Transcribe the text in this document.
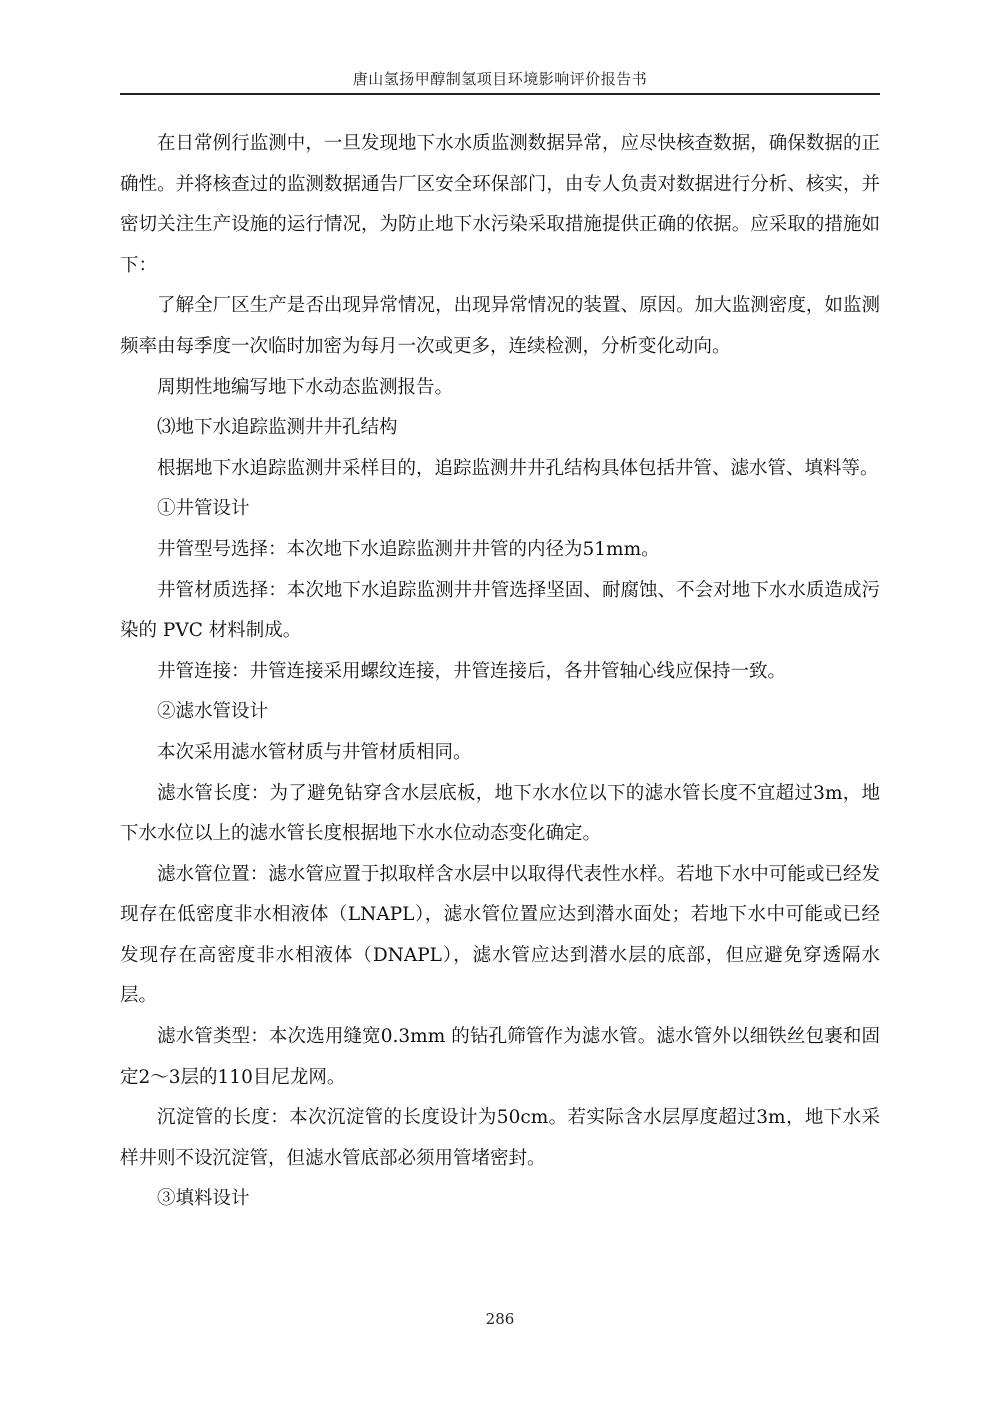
唐山氢扬甲醇制氢项目环境影响评价报告书

在日常例行监测中，一旦发现地下水水质监测数据异常，应尽快核查数据，确保数据的正确性。并将核查过的监测数据通告厂区安全环保部门，由专人负责对数据进行分析、核实，并密切关注生产设施的运行情况，为防止地下水污染采取措施提供正确的依据。应采取的措施如下：

了解全厂区生产是否出现异常情况，出现异常情况的装置、原因。加大监测密度，如监测频率由每季度一次临时加密为每月一次或更多，连续检测，分析变化动向。

周期性地编写地下水动态监测报告。

⑶地下水追踪监测井井孔结构

根据地下水追踪监测井采样目的，追踪监测井井孔结构具体包括井管、滤水管、填料等。

①井管设计

井管型号选择：本次地下水追踪监测井井管的内径为51mm。

井管材质选择：本次地下水追踪监测井井管选择坚固、耐腐蚀、不会对地下水水质造成污染的 PVC 材料制成。

井管连接：井管连接采用螺纹连接，井管连接后，各井管轴心线应保持一致。

②滤水管设计

本次采用滤水管材质与井管材质相同。

滤水管长度：为了避免钻穿含水层底板，地下水水位以下的滤水管长度不宜超过3m，地下水水位以上的滤水管长度根据地下水水位动态变化确定。

滤水管位置：滤水管应置于拟取样含水层中以取得代表性水样。若地下水中可能或已经发现存在低密度非水相液体（LNAPL），滤水管位置应达到潜水面处；若地下水中可能或已经发现存在高密度非水相液体（DNAPL），滤水管应达到潜水层的底部，但应避免穿透隔水层。

滤水管类型：本次选用缝宽0.3mm 的钻孔筛管作为滤水管。滤水管外以细铁丝包裹和固定2～3层的110目尼龙网。

沉淀管的长度：本次沉淀管的长度设计为50cm。若实际含水层厚度超过3m，地下水采样井则不设沉淀管，但滤水管底部必须用管堵密封。

③填料设计

286
